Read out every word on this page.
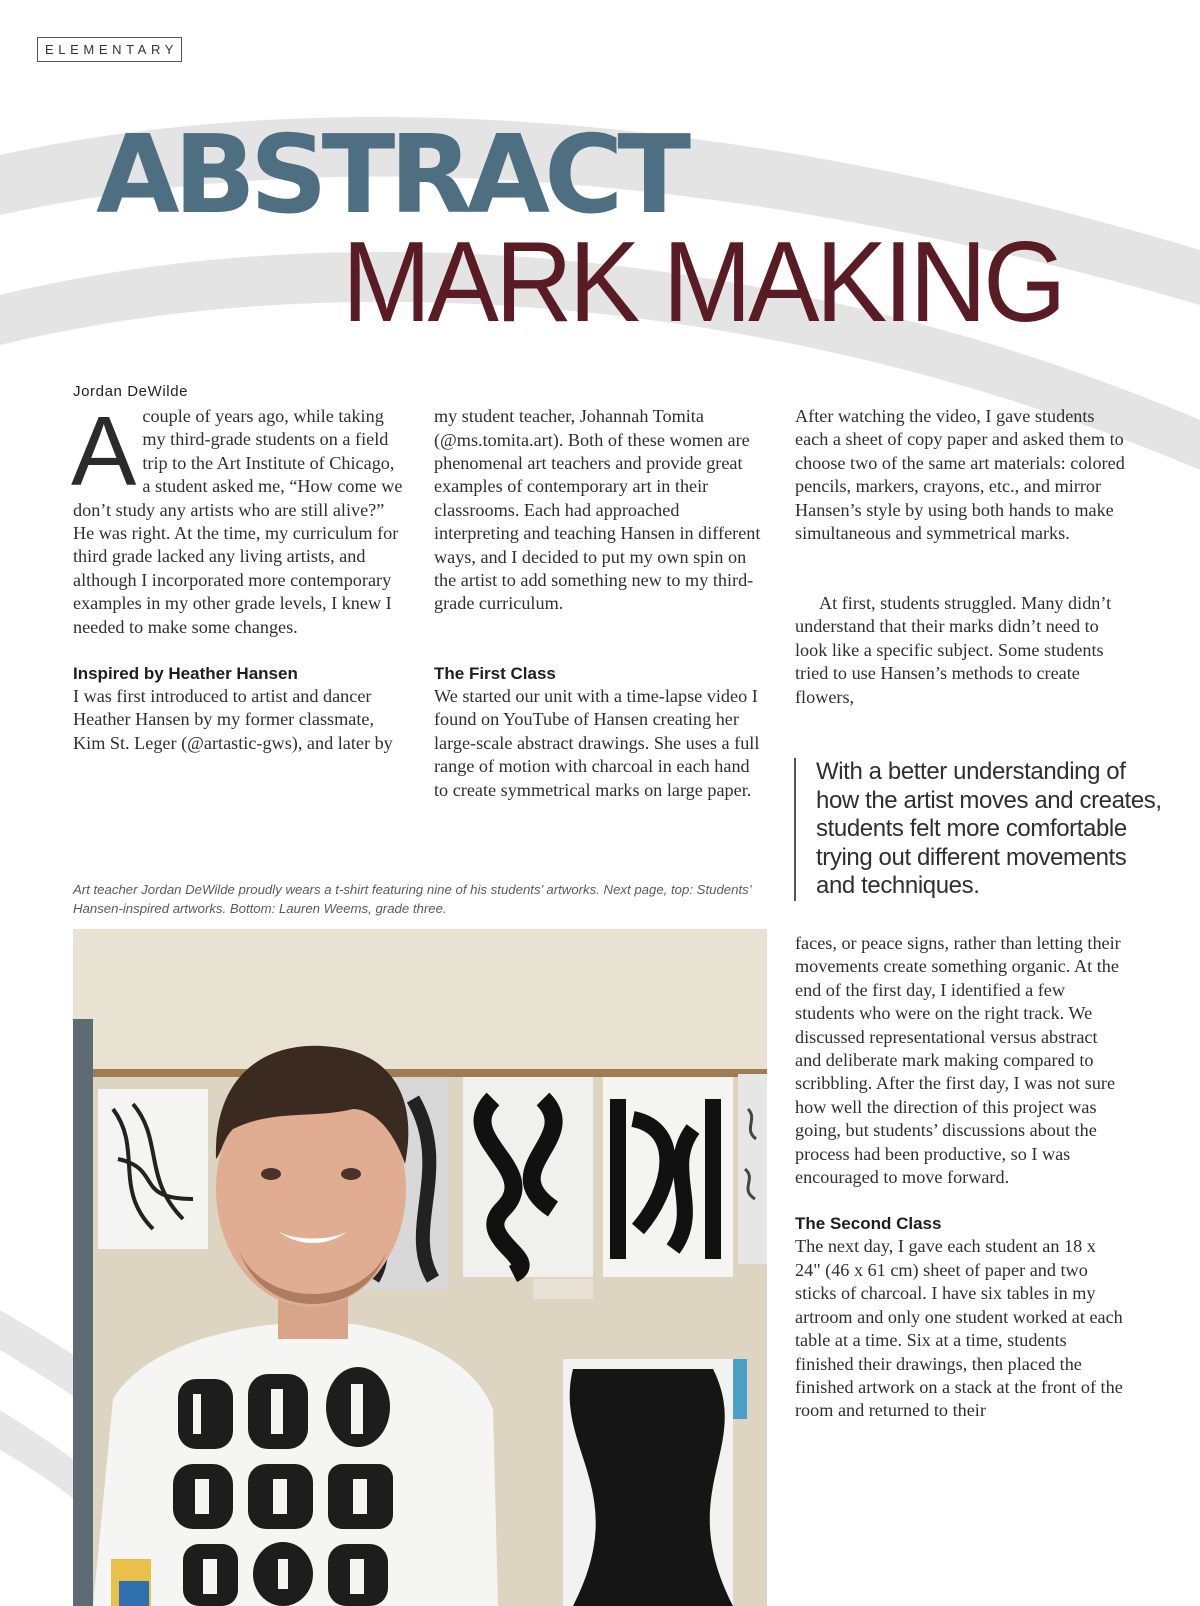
ELEMENTARY
ABSTRACT
MARK MAKING
Jordan DeWilde

Acouple of years ago, while taking my third-grade students on a field trip to the Art Institute of Chicago, a student asked me, “How come we don’t study any artists who are still alive?” He was right. At the time, my curriculum for third grade lacked any living artists, and although I incorporated more contemporary examples in my other grade levels, I knew I needed to make some changes.

Inspired by Heather Hansen

I was first introduced to artist and dancer Heather Hansen by my former classmate, Kim St. Leger (@artastic-gws), and later by

my student teacher, Johannah Tomita (@ms.tomita.art). Both of these women are phenomenal art teachers and provide great examples of contemporary art in their classrooms. Each had approached interpreting and teaching Hansen in different ways, and I decided to put my own spin on the artist to add something new to my third-grade curriculum.

The First Class

We started our unit with a time-lapse video I found on YouTube of Hansen creating her large-scale abstract drawings. She uses a full range of motion with charcoal in each hand to create symmetrical marks on large paper.

After watching the video, I gave students each a sheet of copy paper and asked them to choose two of the same art materials: colored pencils, markers, crayons, etc., and mirror Hansen’s style by using both hands to make simultaneous and symmetrical marks.

At first, students struggled. Many didn’t understand that their marks didn’t need to look like a specific subject. Some students tried to use Hansen’s methods to create flowers,

With a better understanding of how the artist moves and creates, students felt more comfortable trying out different movements and techniques.
Art teacher Jordan DeWilde proudly wears a t-shirt featuring nine of his students’ artworks. Next page, top: Students’ Hansen-inspired artworks. Bottom: Lauren Weems, grade three.

faces, or peace signs, rather than letting their movements create something organic. At the end of the first day, I identified a few students who were on the right track. We discussed representational versus abstract and deliberate mark making compared to scribbling. After the first day, I was not sure how well the direction of this project was going, but students’ discussions about the process had been productive, so I was encouraged to move forward.

The Second Class

The next day, I gave each student an 18 x 24" (46 x 61 cm) sheet of paper and two sticks of charcoal. I have six tables in my artroom and only one student worked at each table at a time. Six at a time, students finished their drawings, then placed the finished artwork on a stack at the front of the room and returned to their
